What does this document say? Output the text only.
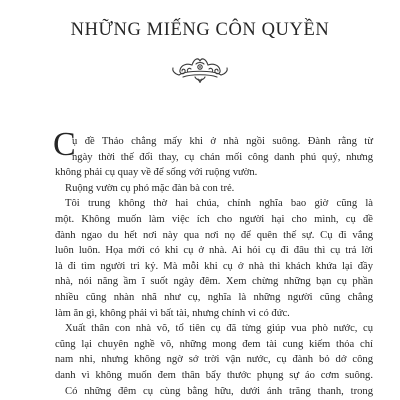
NHỮNG MIẾNG CÔN QUYỀN
C
ụ đề Thảo chẳng mấy khi ở nhà ngồi suông. Đành rằng từ
ngày thời thế đổi thay, cụ chán mối công danh phú quý, nhưng
không phải cụ quay về để sống với ruộng vườn.
Ruộng vườn cụ phó mặc đàn bà con trẻ.
Tôi trung không thờ hai chúa, chính nghĩa bao giờ cũng là
một. Không muốn làm việc ích cho người hại cho mình, cụ đề
đành ngao du hết nơi này qua nơi nọ để quên thế sự. Cụ đi vắng
luôn luôn. Họa mới có khi cụ ở nhà. Ai hỏi cụ đi đâu thì cụ trả lời
là đi tìm người tri kỷ. Mà mỗi khi cụ ở nhà thì khách khứa lại đầy
nhà, nói năng ầm ĩ suốt ngày đêm. Xem chừng những bạn cụ phần
nhiều cũng nhàn nhã như cụ, nghĩa là những người cũng chẳng
làm ăn gì, không phải vì bất tài, nhưng chính vì có đức.
Xuất thân con nhà võ, tổ tiên cụ đã từng giúp vua phò nước, cụ
cũng lại chuyên nghề võ, những mong đem tài cung kiếm thỏa chí
nam nhi, nhưng không ngờ sớ trời vận nước, cụ đành bỏ dở công
danh vì không muốn đem thân bẩy thước phụng sự áo cơm suông.
Có những đêm cụ cùng bằng hữu, dưới ánh trăng thanh, trong
